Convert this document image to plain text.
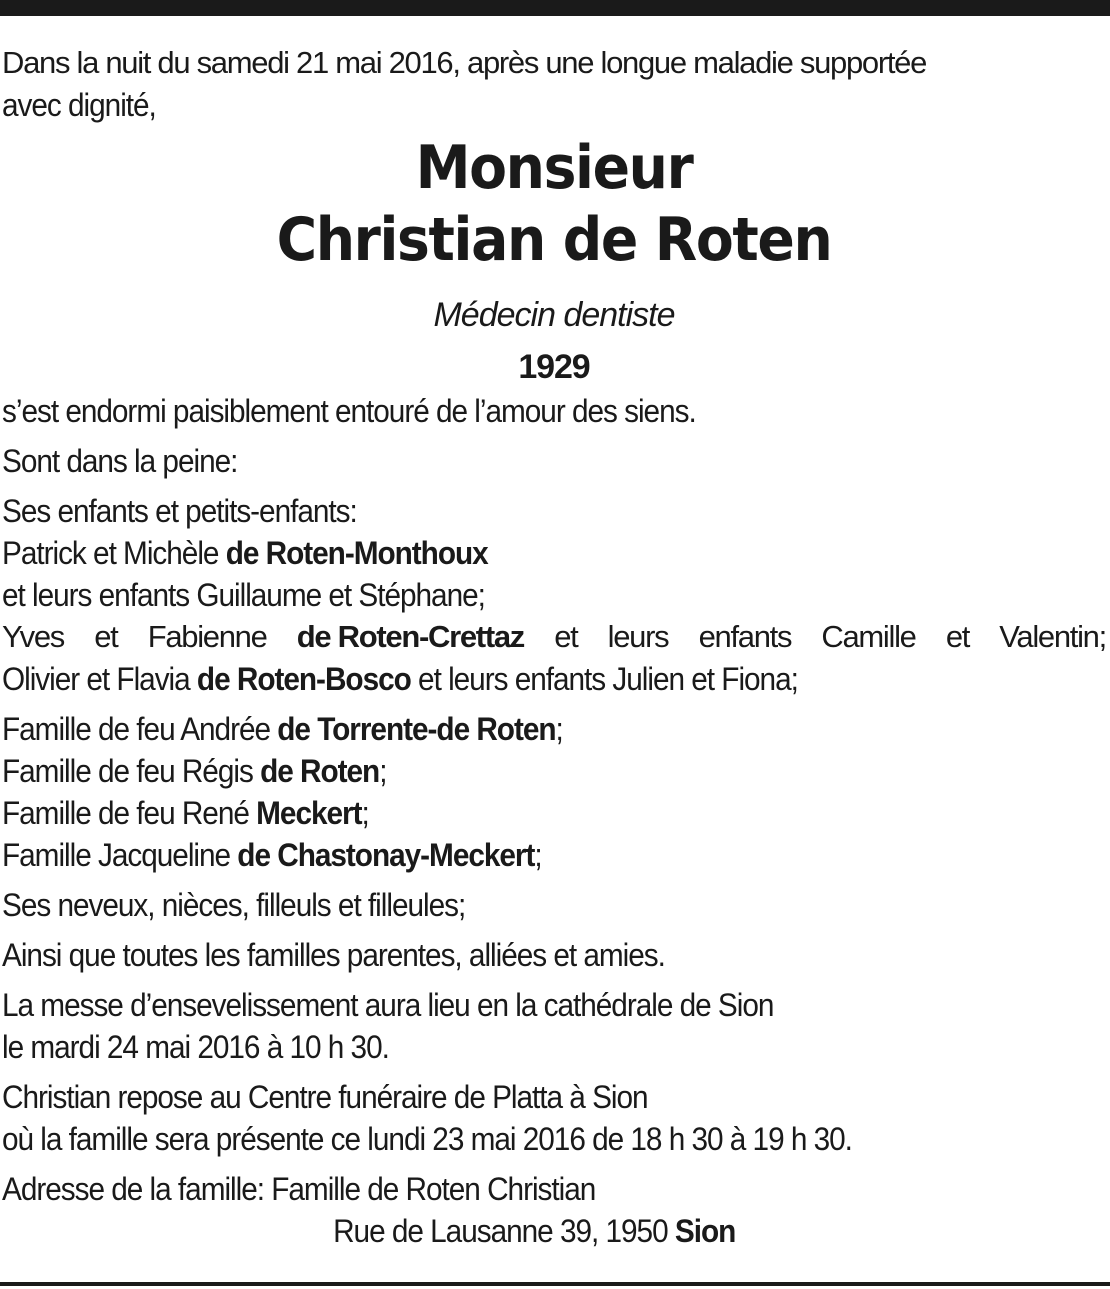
Dans la nuit du samedi 21 mai 2016, après une longue maladie supportée
avec dignité,
Monsieur
Christian de Roten
Médecin dentiste
1929
s’est endormi paisiblement entouré de l’amour des siens.
Sont dans la peine:
Ses enfants et petits-enfants:
Patrick et Michèle de Roten-Monthoux
et leurs enfants Guillaume et Stéphane;
Yves et Fabienne de Roten-Crettaz et leurs enfants Camille et Valentin;
Olivier et Flavia de Roten-Bosco et leurs enfants Julien et Fiona;
Famille de feu Andrée de Torrente-de Roten;
Famille de feu Régis de Roten;
Famille de feu René Meckert;
Famille Jacqueline de Chastonay-Meckert;
Ses neveux, nièces, filleuls et filleules;
Ainsi que toutes les familles parentes, alliées et amies.
La messe d’ensevelissement aura lieu en la cathédrale de Sion
le mardi 24 mai 2016 à 10 h 30.
Christian repose au Centre funéraire de Platta à Sion
où la famille sera présente ce lundi 23 mai 2016 de 18 h 30 à 19 h 30.
Adresse de la famille: Famille de Roten Christian
Rue de Lausanne 39, 1950 Sion
